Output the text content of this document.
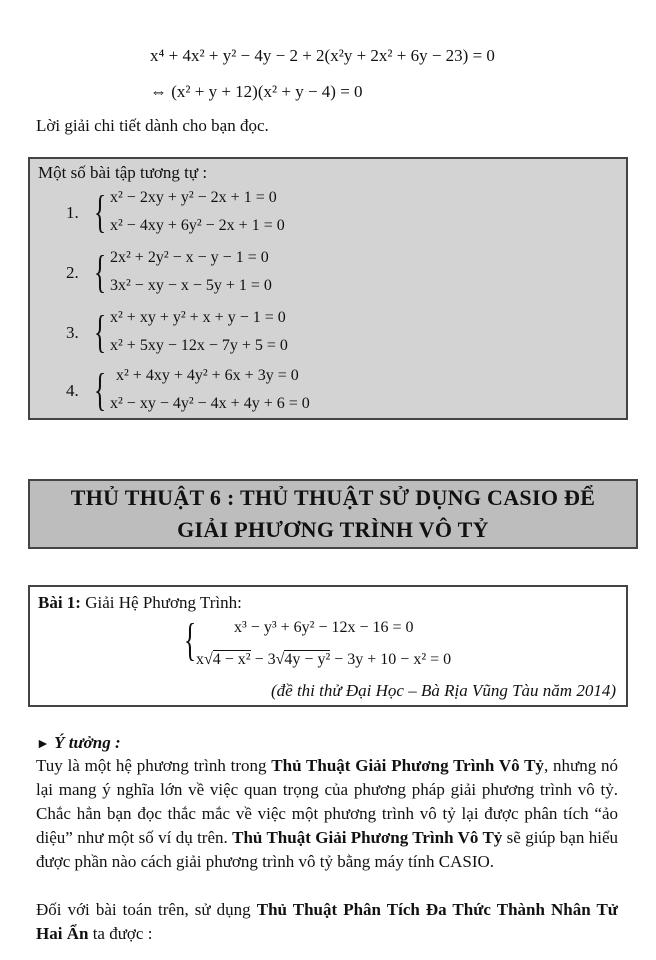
x⁴ + 4x² + y² − 4y − 2 + 2(x²y + 2x² + 6y − 23) = 0
⇔ (x² + y + 12)(x² + y − 4) = 0
Lời giải chi tiết dành cho bạn đọc.
Một số bài tập tương tự :
1. { x² − 2xy + y² − 2x + 1 = 0
x² − 4xy + 6y² − 2x + 1 = 0
2. { 2x² + 2y² − x − y − 1 = 0
3x² − xy − x − 5y + 1 = 0
3. { x² + xy + y² + x + y − 1 = 0
x² + 5xy − 12x − 7y + 5 = 0
4. { x² + 4xy + 4y² + 6x + 3y = 0
x² − xy − 4y² − 4x + 4y + 6 = 0
THỦ THUẬT 6 : THỦ THUẬT SỬ DỤNG CASIO ĐỂ
GIẢI PHƯƠNG TRÌNH VÔ TỶ
Bài 1: Giải Hệ Phương Trình:
{ x³ − y³ + 6y² − 12x − 16 = 0
x√4 − x² − 3√4y − y² − 3y + 10 − x² = 0
(đề thi thử Đại Học – Bà Rịa Vũng Tàu năm 2014)
► Ý tưởng :
Tuy là một hệ phương trình trong Thủ Thuật Giải Phương Trình Vô Tỷ, nhưng nó lại mang ý nghĩa lớn về việc quan trọng của phương pháp giải phương trình vô tỷ. Chắc hẳn bạn đọc thắc mắc về việc một phương trình vô tỷ lại được phân tích “ảo diệu” như một số ví dụ trên. Thủ Thuật Giải Phương Trình Vô Tỷ sẽ giúp bạn hiểu được phần nào cách giải phương trình vô tỷ bằng máy tính CASIO.
Đối với bài toán trên, sử dụng Thủ Thuật Phân Tích Đa Thức Thành Nhân Tử Hai Ẩn ta được :
